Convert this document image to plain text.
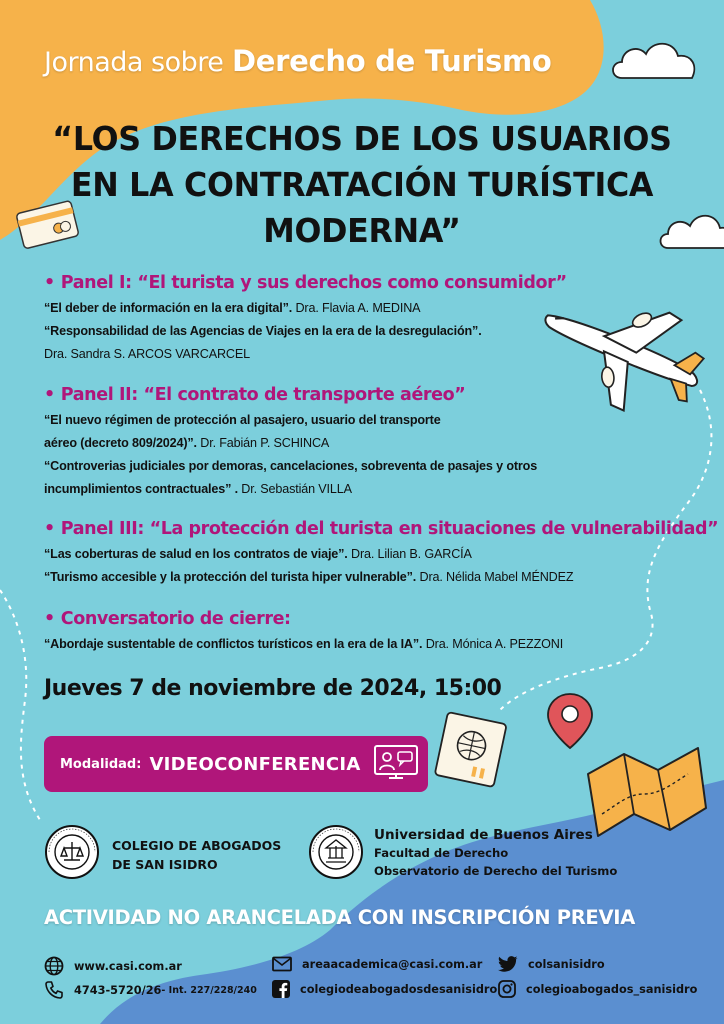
Jornada sobre Derecho de Turismo
“LOS DERECHOS DE LOS USUARIOS
EN LA CONTRATACIÓN TURÍSTICA
MODERNA”
• Panel I: “El turista y sus derechos como consumidor”
“El deber de información en la era digital”. Dra. Flavia A. MEDINA
“Responsabilidad de las Agencias de Viajes en la era de la desregulación”.
Dra. Sandra S. ARCOS VARCARCEL
• Panel II: “El contrato de transporte aéreo”
“El nuevo régimen de protección al pasajero, usuario del transporte aéreo (decreto 809/2024)”. Dr. Fabián P. SCHINCA
“Controverias judiciales por demoras, cancelaciones, sobreventa de pasajes y otros incumplimientos contractuales” . Dr. Sebastián VILLA
• Panel III: “La protección del turista en situaciones de vulnerabilidad”
“Las coberturas de salud en los contratos de viaje”. Dra. Lilian B. GARCÍA
“Turismo accesible y la protección del turista hiper vulnerable”. Dra. Nélida Mabel MÉNDEZ
• Conversatorio de cierre:
“Abordaje sustentable de conflictos turísticos en la era de la IA”. Dra. Mónica A. PEZZONI
Jueves 7 de noviembre de 2024, 15:00
Modalidad: VIDEOCONFERENCIA
COLEGIO DE ABOGADOS
DE SAN ISIDRO
Universidad de Buenos Aires
Facultad de Derecho
Observatorio de Derecho del Turismo
ACTIVIDAD NO ARANCELADA CON INSCRIPCIÓN PREVIA
www.casi.com.ar
4743-5720/26 - Int. 227/228/240
areaacademica@casi.com.ar
colegiodeabogadosdesanisidro
colsanisidro
colegioabogados_sanisidro
